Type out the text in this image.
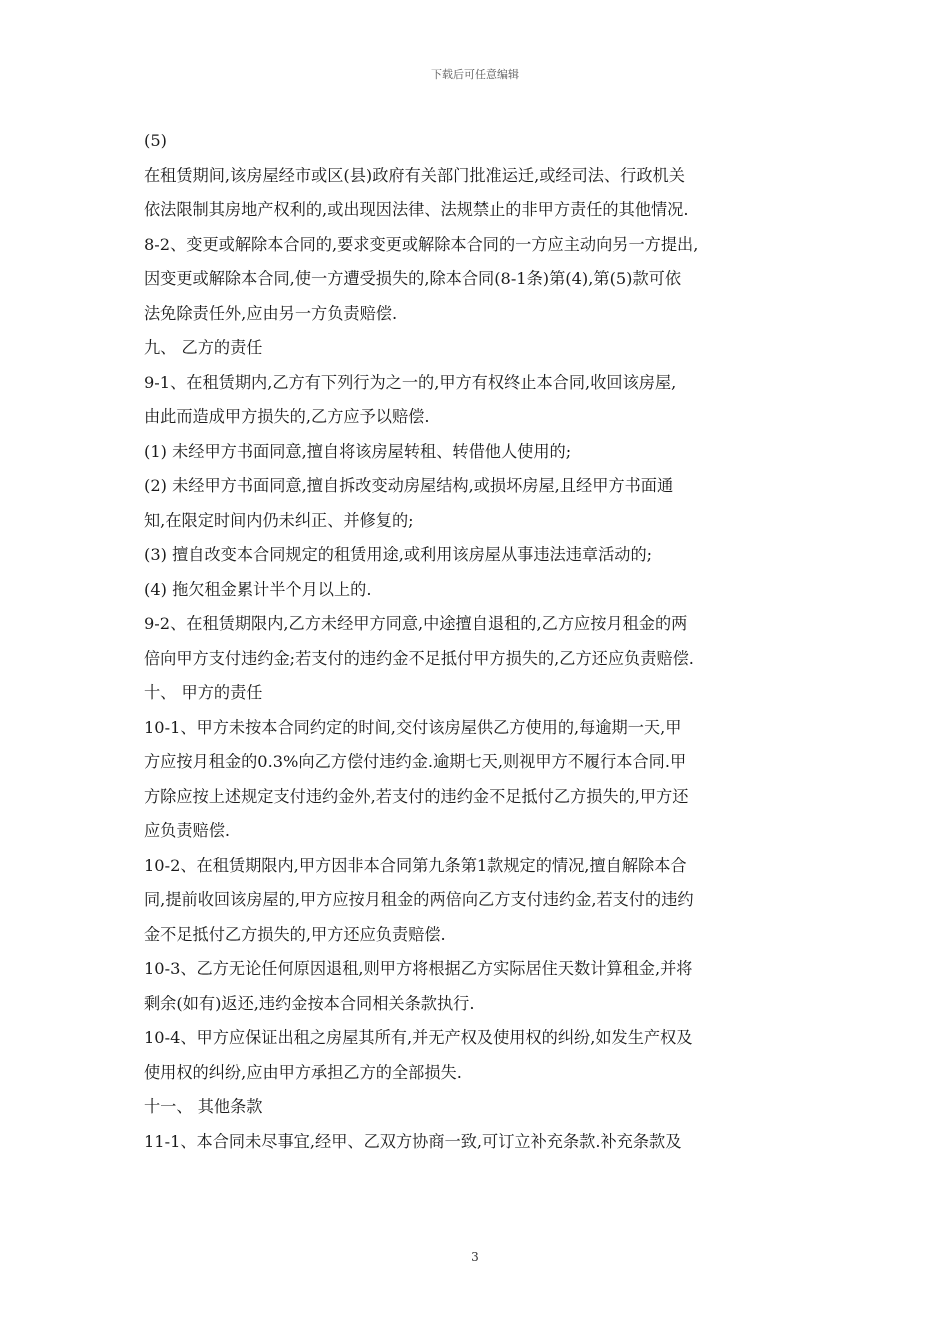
下载后可任意编辑
(5)
在租赁期间,该房屋经市或区(县)政府有关部门批准运迁,或经司法、行政机关
依法限制其房地产权利的,或出现因法律、法规禁止的非甲方责任的其他情况.
8-2、变更或解除本合同的,要求变更或解除本合同的一方应主动向另一方提出,
因变更或解除本合同,使一方遭受损失的,除本合同(8-1条)第(4),第(5)款可依
法免除责任外,应由另一方负责赔偿.
九、 乙方的责任
9-1、在租赁期内,乙方有下列行为之一的,甲方有权终止本合同,收回该房屋,
由此而造成甲方损失的,乙方应予以赔偿.
(1) 未经甲方书面同意,擅自将该房屋转租、转借他人使用的;
(2) 未经甲方书面同意,擅自拆改变动房屋结构,或损坏房屋,且经甲方书面通
知,在限定时间内仍未纠正、并修复的;
(3) 擅自改变本合同规定的租赁用途,或利用该房屋从事违法违章活动的;
(4) 拖欠租金累计半个月以上的.
9-2、在租赁期限内,乙方未经甲方同意,中途擅自退租的,乙方应按月租金的两
倍向甲方支付违约金;若支付的违约金不足抵付甲方损失的,乙方还应负责赔偿.
十、 甲方的责任
10-1、甲方未按本合同约定的时间,交付该房屋供乙方使用的,每逾期一天,甲
方应按月租金的0.3%向乙方偿付违约金.逾期七天,则视甲方不履行本合同.甲
方除应按上述规定支付违约金外,若支付的违约金不足抵付乙方损失的,甲方还
应负责赔偿.
10-2、在租赁期限内,甲方因非本合同第九条第1款规定的情况,擅自解除本合
同,提前收回该房屋的,甲方应按月租金的两倍向乙方支付违约金,若支付的违约
金不足抵付乙方损失的,甲方还应负责赔偿.
10-3、乙方无论任何原因退租,则甲方将根据乙方实际居住天数计算租金,并将
剩余(如有)返还,违约金按本合同相关条款执行.
10-4、甲方应保证出租之房屋其所有,并无产权及使用权的纠纷,如发生产权及
使用权的纠纷,应由甲方承担乙方的全部损失.
十一、 其他条款
11-1、本合同未尽事宜,经甲、乙双方协商一致,可订立补充条款.补充条款及
3
